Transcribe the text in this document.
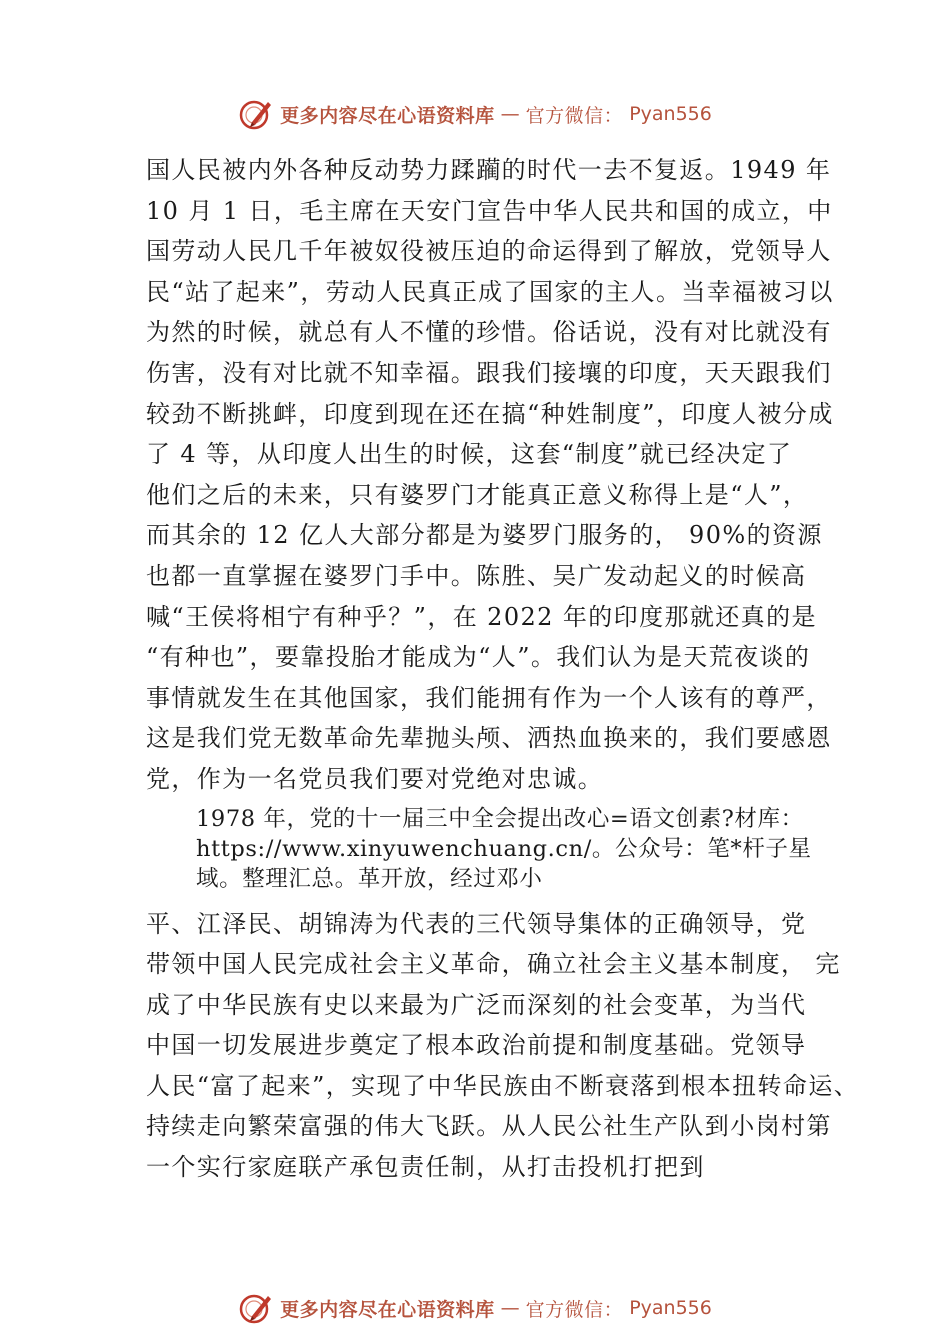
更多内容尽在心语资料库 — 官方微信： Pyan556
国人民被内外各种反动势力蹂躏的时代一去不复返。1949 年
10 月 1 日，毛主席在天安门宣告中华人民共和国的成立，中
国劳动人民几千年被奴役被压迫的命运得到了解放，党领导人
民“站了起来”，劳动人民真正成了国家的主人。当幸福被习以
为然的时候，就总有人不懂的珍惜。俗话说，没有对比就没有
伤害，没有对比就不知幸福。跟我们接壤的印度，天天跟我们
较劲不断挑衅，印度到现在还在搞“种姓制度”，印度人被分成
了 4 等，从印度人出生的时候，这套“制度”就已经决定了
他们之后的未来，只有婆罗门才能真正意义称得上是“人”，
而其余的 12 亿人大部分都是为婆罗门服务的， 90%的资源
也都一直掌握在婆罗门手中。陈胜、吴广发动起义的时候高
喊“王侯将相宁有种乎？”，在 2022 年的印度那就还真的是
“有种也”，要靠投胎才能成为“人”。我们认为是天荒夜谈的
事情就发生在其他国家，我们能拥有作为一个人该有的尊严，
这是我们党无数革命先辈抛头颅、洒热血换来的，我们要感恩
党，作为一名党员我们要对党绝对忠诚。
1978 年，党的十一届三中全会提出改心=语文创素?材库：
https://www.xinyuwenchuang.cn/。公众号：笔*杆子星
域。整理汇总。革开放，经过邓小
平、江泽民、胡锦涛为代表的三代领导集体的正确领导，党
带领中国人民完成社会主义革命，确立社会主义基本制度， 完
成了中华民族有史以来最为广泛而深刻的社会变革，为当代
中国一切发展进步奠定了根本政治前提和制度基础。党领导
人民“富了起来”，实现了中华民族由不断衰落到根本扭转命运、
持续走向繁荣富强的伟大飞跃。从人民公社生产队到小岗村第
一个实行家庭联产承包责任制，从打击投机打把到
更多内容尽在心语资料库 — 官方微信： Pyan556
